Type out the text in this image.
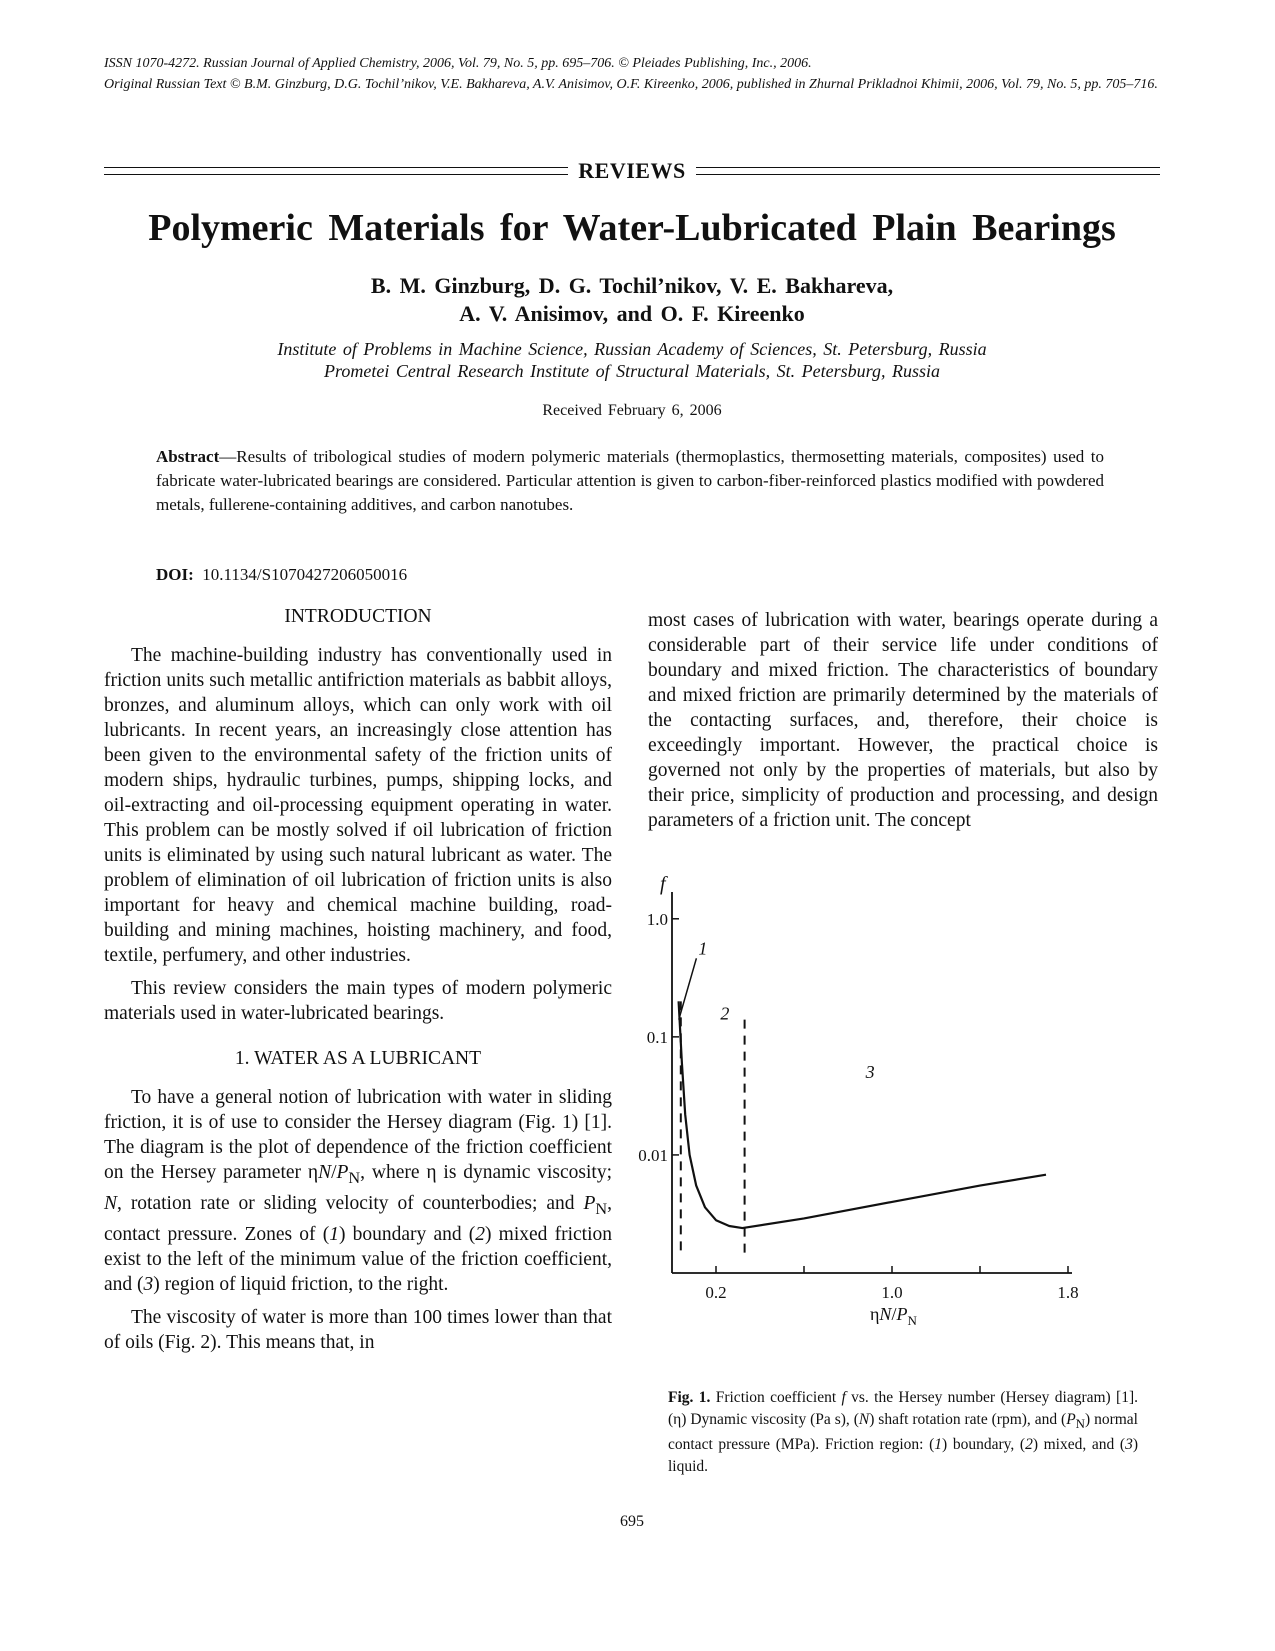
ISSN 1070-4272. Russian Journal of Applied Chemistry, 2006, Vol. 79, No. 5, pp. 695–706. © Pleiades Publishing, Inc., 2006.
Original Russian Text © B.M. Ginzburg, D.G. Tochil’nikov, V.E. Bakhareva, A.V. Anisimov, O.F. Kireenko, 2006, published in Zhurnal Prikladnoi Khimii, 2006, Vol. 79, No. 5, pp. 705–716.
REVIEWS
Polymeric Materials for Water-Lubricated Plain Bearings
B. M. Ginzburg, D. G. Tochil’nikov, V. E. Bakhareva,
A. V. Anisimov, and O. F. Kireenko
Institute of Problems in Machine Science, Russian Academy of Sciences, St. Petersburg, Russia
Prometei Central Research Institute of Structural Materials, St. Petersburg, Russia
Received February 6, 2006
Abstract—Results of tribological studies of modern polymeric materials (thermoplastics, thermosetting materials, composites) used to fabricate water-lubricated bearings are considered. Particular attention is given to carbon-fiber-reinforced plastics modified with powdered metals, fullerene-containing additives, and carbon nanotubes.
DOI: 10.1134/S1070427206050016

INTRODUCTION

The machine-building industry has conventionally used in friction units such metallic antifriction materials as babbit alloys, bronzes, and aluminum alloys, which can only work with oil lubricants. In recent years, an increasingly close attention has been given to the environmental safety of the friction units of modern ships, hydraulic turbines, pumps, shipping locks, and oil-extracting and oil-processing equipment operating in water. This problem can be mostly solved if oil lubrication of friction units is eliminated by using such natural lubricant as water. The problem of elimination of oil lubrication of friction units is also important for heavy and chemical machine building, road-building and mining machines, hoisting machinery, and food, textile, perfumery, and other industries.

This review considers the main types of modern polymeric materials used in water-lubricated bearings.

1. WATER AS A LUBRICANT

To have a general notion of lubrication with water in sliding friction, it is of use to consider the Hersey diagram (Fig. 1) [1]. The diagram is the plot of dependence of the friction coefficient on the Hersey parameter $\eta N/P_N$, where η is dynamic viscosity; N, rotation rate or sliding velocity of counterbodies; and $P_N$, contact pressure. Zones of (1) boundary and (2) mixed friction exist to the left of the minimum value of the friction coefficient, and (3) region of liquid friction, to the right.

The viscosity of water is more than 100 times lower than that of oils (Fig. 2). This means that, in

most cases of lubrication with water, bearings operate during a considerable part of their service life under conditions of boundary and mixed friction. The characteristics of boundary and mixed friction are primarily determined by the materials of the contacting surfaces, and, therefore, their choice is exceedingly important. However, the practical choice is governed not only by the properties of materials, but also by their price, simplicity of production and processing, and design parameters of a friction unit. The concept

1.0
0.1
0.01
f
0.2	1.0	1.8
$\eta N/P_N$
1
2
3
Fig. 1. Friction coefficient f vs. the Hersey number (Hersey diagram) [1]. (η) Dynamic viscosity (Pa s), (N) shaft rotation rate (rpm), and $(P_N)$ normal contact pressure (MPa). Friction region: (1) boundary, (2) mixed, and (3) liquid.
695
